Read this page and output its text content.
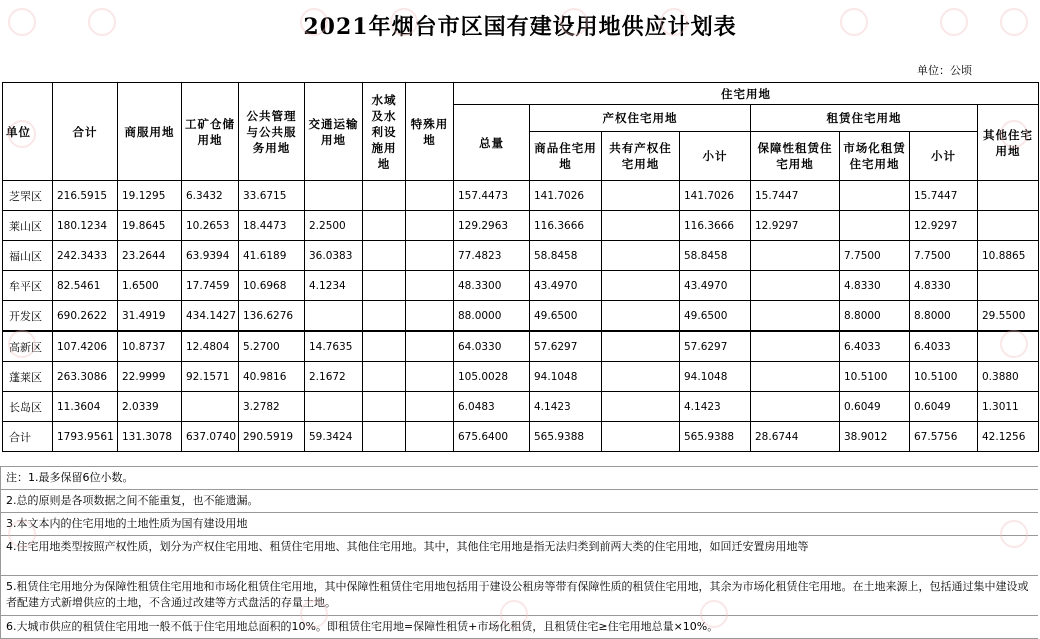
2021年烟台市区国有建设用地供应计划表
单位：公顷
单位	合计	商服用地	工矿仓储用地	公共管理与公共服务用地	交通运输用地	水域及水利设施用地	特殊用地	住宅用地							
								总量	产权住宅用地			租赁住宅用地			其他住宅用地
									商品住宅用地	共有产权住宅用地	小计	保障性租赁住宅用地	市场化租赁住宅用地	小计	
芝罘区	216.5915	19.1295	6.3432	33.6715				157.4473	141.7026		141.7026	15.7447		15.7447	
莱山区	180.1234	19.8645	10.2653	18.4473	2.2500			129.2963	116.3666		116.3666	12.9297		12.9297	
福山区	242.3433	23.2644	63.9394	41.6189	36.0383			77.4823	58.8458		58.8458		7.7500	7.7500	10.8865
牟平区	82.5461	1.6500	17.7459	10.6968	4.1234			48.3300	43.4970		43.4970		4.8330	4.8330	
开发区	690.2622	31.4919	434.1427	136.6276				88.0000	49.6500		49.6500		8.8000	8.8000	29.5500
高新区	107.4206	10.8737	12.4804	5.2700	14.7635			64.0330	57.6297		57.6297		6.4033	6.4033	
蓬莱区	263.3086	22.9999	92.1571	40.9816	2.1672			105.0028	94.1048		94.1048		10.5100	10.5100	0.3880
长岛区	11.3604	2.0339		3.2782				6.0483	4.1423		4.1423		0.6049	0.6049	1.3011
合计	1793.9561	131.3078	637.0740	290.5919	59.3424			675.6400	565.9388		565.9388	28.6744	38.9012	67.5756	42.1256
注：1.最多保留6位小数。
2.总的原则是各项数据之间不能重复，也不能遗漏。
3.本文本内的住宅用地的土地性质为国有建设用地
4.住宅用地类型按照产权性质，划分为产权住宅用地、租赁住宅用地、其他住宅用地。其中，其他住宅用地是指无法归类到前两大类的住宅用地，如回迁安置房用地等
5.租赁住宅用地分为保障性租赁住宅用地和市场化租赁住宅用地，其中保障性租赁住宅用地包括用于建设公租房等带有保障性质的租赁住宅用地，其余为市场化租赁住宅用地。在土地来源上，包括通过集中建设或者配建方式新增供应的土地，不含通过改建等方式盘活的存量土地。
6.大城市供应的租赁住宅用地一般不低于住宅用地总面积的10%。即租赁住宅用地=保障性租赁+市场化租赁，且租赁住宅≥住宅用地总量×10%。
